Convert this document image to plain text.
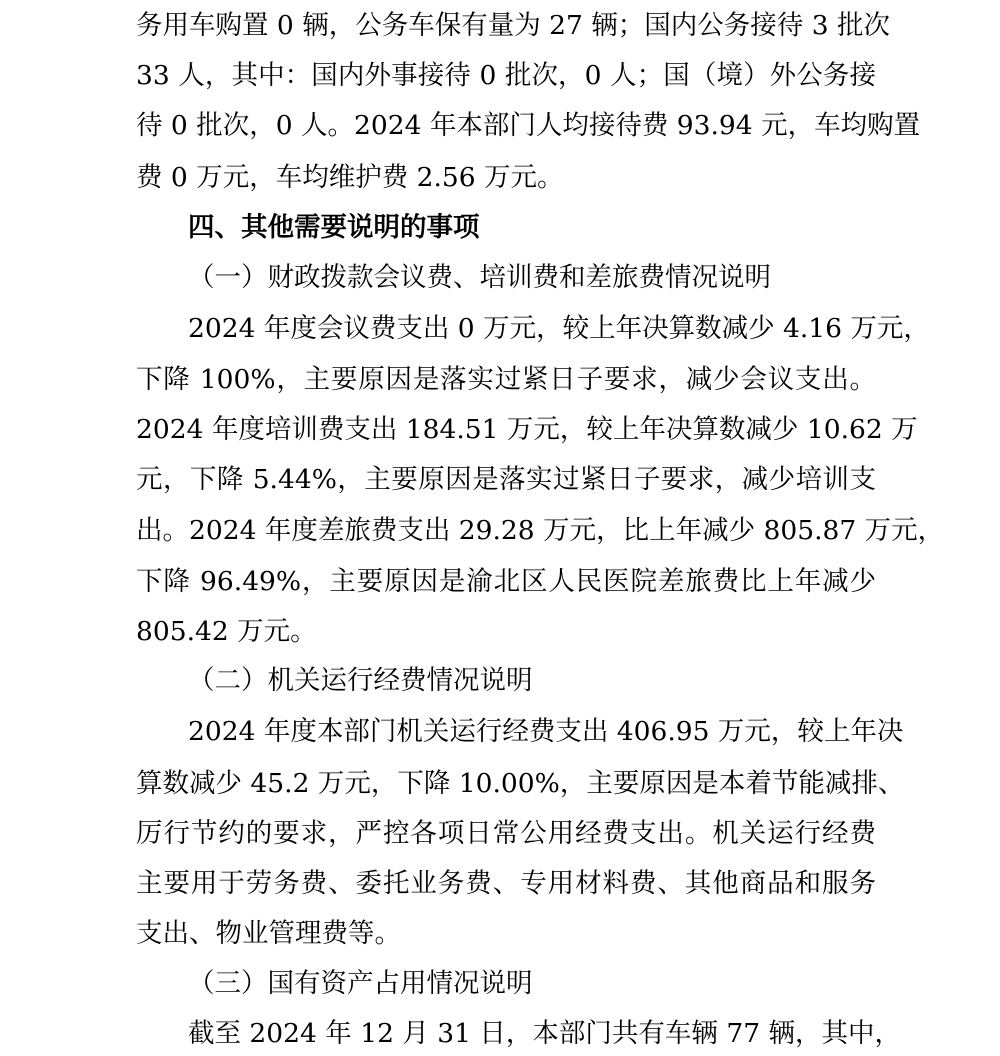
务用车购置 0 辆，公务车保有量为 27 辆；国内公务接待 3 批次
33 人，其中：国内外事接待 0 批次，0 人；国（境）外公务接
待 0 批次，0 人。2024 年本部门人均接待费 93.94 元，车均购置
费 0 万元，车均维护费 2.56 万元。
四、其他需要说明的事项
（一）财政拨款会议费、培训费和差旅费情况说明
2024 年度会议费支出 0 万元，较上年决算数减少 4.16 万元，
下降 100%，主要原因是落实过紧日子要求，减少会议支出。
2024 年度培训费支出 184.51 万元，较上年决算数减少 10.62 万
元，下降 5.44%，主要原因是落实过紧日子要求，减少培训支
出。2024 年度差旅费支出 29.28 万元，比上年减少 805.87 万元，
下降 96.49%，主要原因是渝北区人民医院差旅费比上年减少
805.42 万元。
（二）机关运行经费情况说明
2024 年度本部门机关运行经费支出 406.95 万元，较上年决
算数减少 45.2 万元，下降 10.00%，主要原因是本着节能减排、
厉行节约的要求，严控各项日常公用经费支出。机关运行经费
主要用于劳务费、委托业务费、专用材料费、其他商品和服务
支出、物业管理费等。
（三）国有资产占用情况说明
截至 2024 年 12 月 31 日，本部门共有车辆 77 辆，其中，
